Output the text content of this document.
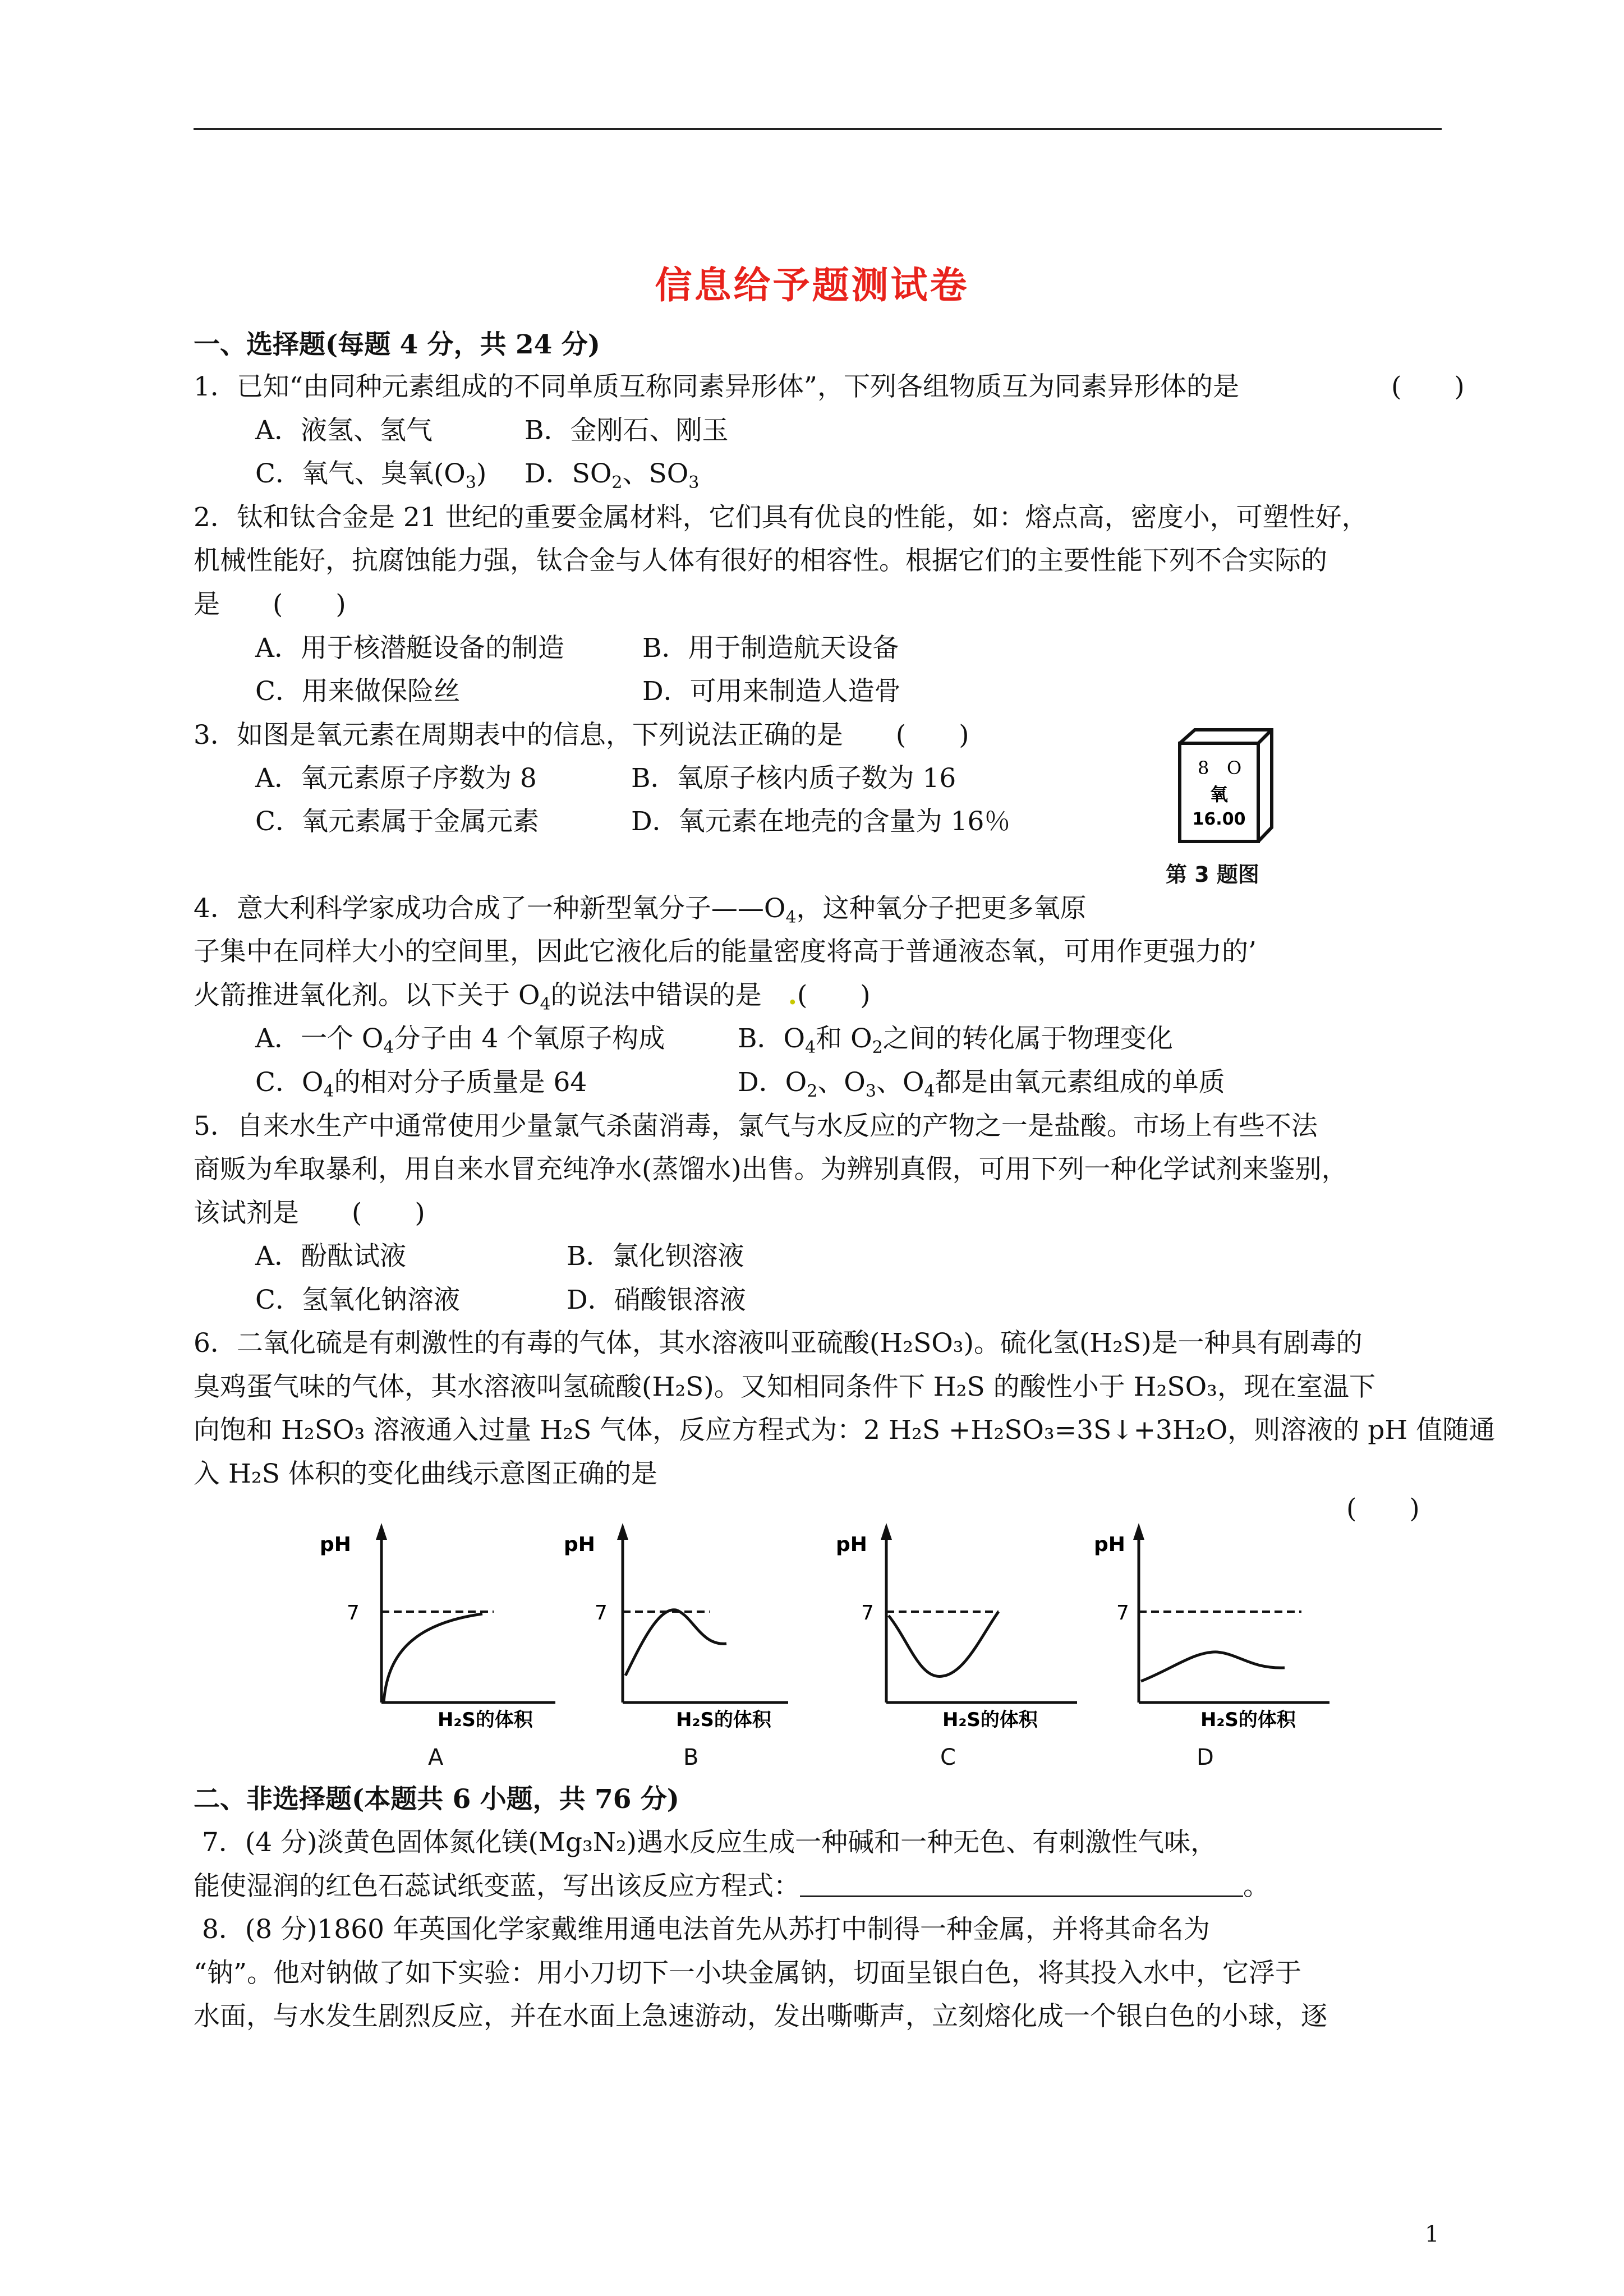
信息给予题测试卷
一、选择题(每题 4 分，共 24 分)
1．已知“由同种元素组成的不同单质互称同素异形体”，下列各组物质互为同素异形体的是	(　　)
A．液氢、氢气	B．金刚石、刚玉
C．氧气、臭氧$(O_3)$ D．$SO_2$、$SO_3$
2．钛和钛合金是 21 世纪的重要金属材料，它们具有优良的性能，如：熔点高，密度小，可塑性好，
机械性能好，抗腐蚀能力强，钛合金与人体有很好的相容性。根据它们的主要性能下列不合实际的
是　　(　　)
A．用于核潜艇设备的制造	B．用于制造航天设备
C．用来做保险丝	D．可用来制造人造骨
3．如图是氧元素在周期表中的信息，下列说法正确的是　　(　　)
A．氧元素原子序数为 8	B．氧原子核内质子数为 16
C．氧元素属于金属元素	D．氧元素在地壳的含量为 16％
8 O
氧
16.00
第 3 题图
4．意大利科学家成功合成了一种新型氧分子$——O_4$，这种氧分子把更多氧原
子集中在同样大小的空间里，因此它液化后的能量密度将高于普通液态氧，可用作更强力的’
火箭推进氧化剂。以下关于 $O_4$的说法中错误的是　.(　　)
A．一个 $O_4$分子由 4 个氧原子构成	B．$O_4$和 $O_2$之间的转化属于物理变化
C．$O_4$的相对分子质量是 64	D．$O_2$、$O_3$、$O_4$都是由氧元素组成的单质
5．自来水生产中通常使用少量氯气杀菌消毒，氯气与水反应的产物之一是盐酸。市场上有些不法
商贩为牟取暴利，用自来水冒充纯净水(蒸馏水)出售。为辨别真假，可用下列一种化学试剂来鉴别，
该试剂是　　(　　)
A．酚酞试液	B．氯化钡溶液
C．氢氧化钠溶液	D．硝酸银溶液
6．二氧化硫是有刺激性的有毒的气体，其水溶液叫亚硫酸(H₂SO₃)。硫化氢(H₂S)是一种具有剧毒的
臭鸡蛋气味的气体，其水溶液叫氢硫酸(H₂S)。又知相同条件下 H₂S 的酸性小于 H₂SO₃，现在室温下
向饱和 H₂SO₃ 溶液通入过量 H₂S 气体，反应方程式为：2 H₂S +H₂SO₃=3S↓+3H₂O，则溶液的 pH 值随通
入 H₂S 体积的变化曲线示意图正确的是
(　　)
pH
7
H₂S的体积
pH
7
H₂S的体积
pH
7
H₂S的体积
pH
7
H₂S的体积
A	B	C	D
二、非选择题(本题共 6 小题，共 76 分)
7．(4 分)淡黄色固体氮化镁(Mg₃N₂)遇水反应生成一种碱和一种无色、有刺激性气味，
能使湿润的红色石蕊试纸变蓝，写出该反应方程式：	。
8．(8 分)1860 年英国化学家戴维用通电法首先从苏打中制得一种金属，并将其命名为
“钠”。他对钠做了如下实验：用小刀切下一小块金属钠，切面呈银白色，将其投入水中，它浮于
水面，与水发生剧烈反应，并在水面上急速游动，发出嘶嘶声，立刻熔化成一个银白色的小球，逐
1
